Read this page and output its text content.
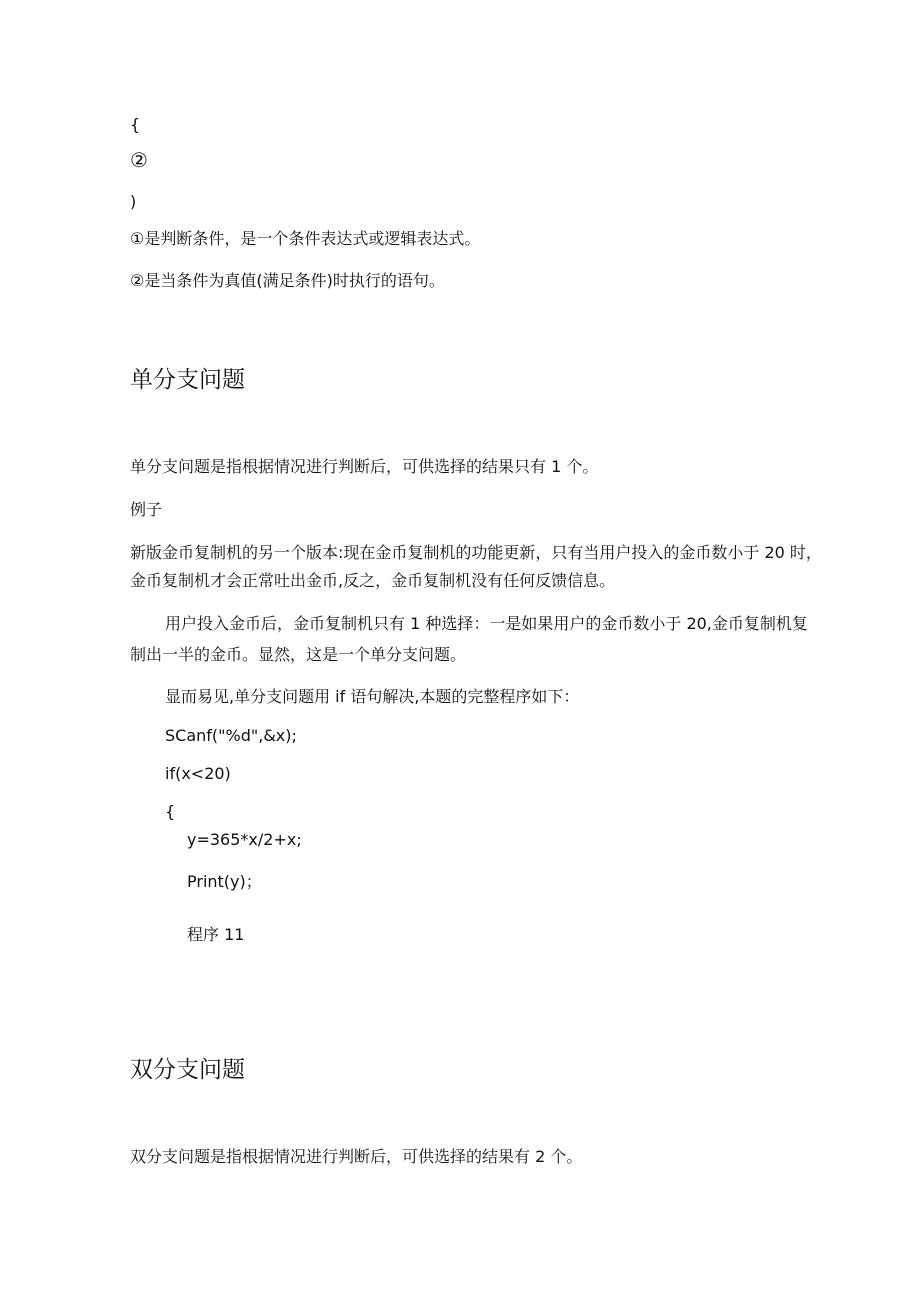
{
②
)
①是判断条件，是一个条件表达式或逻辑表达式。
②是当条件为真值(满足条件)时执行的语句。
单分支问题
单分支问题是指根据情况进行判断后，可供选择的结果只有 1 个。
例子
新版金币复制机的另一个版本:现在金币复制机的功能更新，只有当用户投入的金币数小于 20 时，
金币复制机才会正常吐出金币,反之，金币复制机没有任何反馈信息。
用户投入金币后，金币复制机只有 1 种选择：一是如果用户的金币数小于 20,金币复制机复
制出一半的金币。显然，这是一个单分支问题。
显而易见,单分支问题用 if 语句解决,本题的完整程序如下：
SCanf("%d",&x);
if(x<20)
{
y=365*x∕2+x;
Print(y)；
程序 11
双分支问题
双分支问题是指根据情况进行判断后，可供选择的结果有 2 个。
